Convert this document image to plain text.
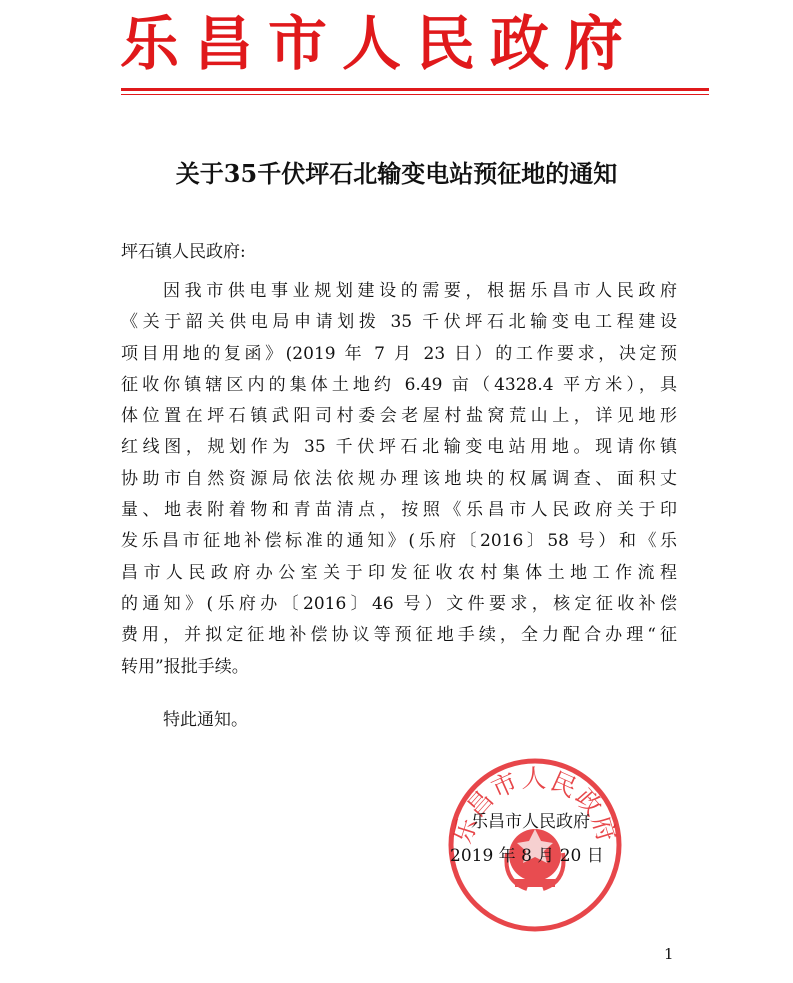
乐昌市人民政府
关于35千伏坪石北输变电站预征地的通知
坪石镇人民政府:
因我市供电事业规划建设的需要，根据乐昌市人民政府
《关于韶关供电局申请划拨 35 千伏坪石北输变电工程建设
项目用地的复函》(2019 年 7 月 23 日）的工作要求，决定预
征收你镇辖区内的集体土地约 6.49 亩（4328.4 平方米），具
体位置在坪石镇武阳司村委会老屋村盐窝荒山上，详见地形
红线图，规划作为 35 千伏坪石北输变电站用地。现请你镇
协助市自然资源局依法依规办理该地块的权属调查、面积丈
量、地表附着物和青苗清点，按照《乐昌市人民政府关于印
发乐昌市征地补偿标准的通知》(乐府〔2016〕58 号）和《乐
昌市人民政府办公室关于印发征收农村集体土地工作流程
的通知》(乐府办〔2016〕46 号）文件要求，核定征收补偿
费用，并拟定征地补偿协议等预征地手续，全力配合办理“征
转用”报批手续。
特此通知。
乐昌市人民政府
乐昌市人民政府
2019 年 8 月 20 日
1
